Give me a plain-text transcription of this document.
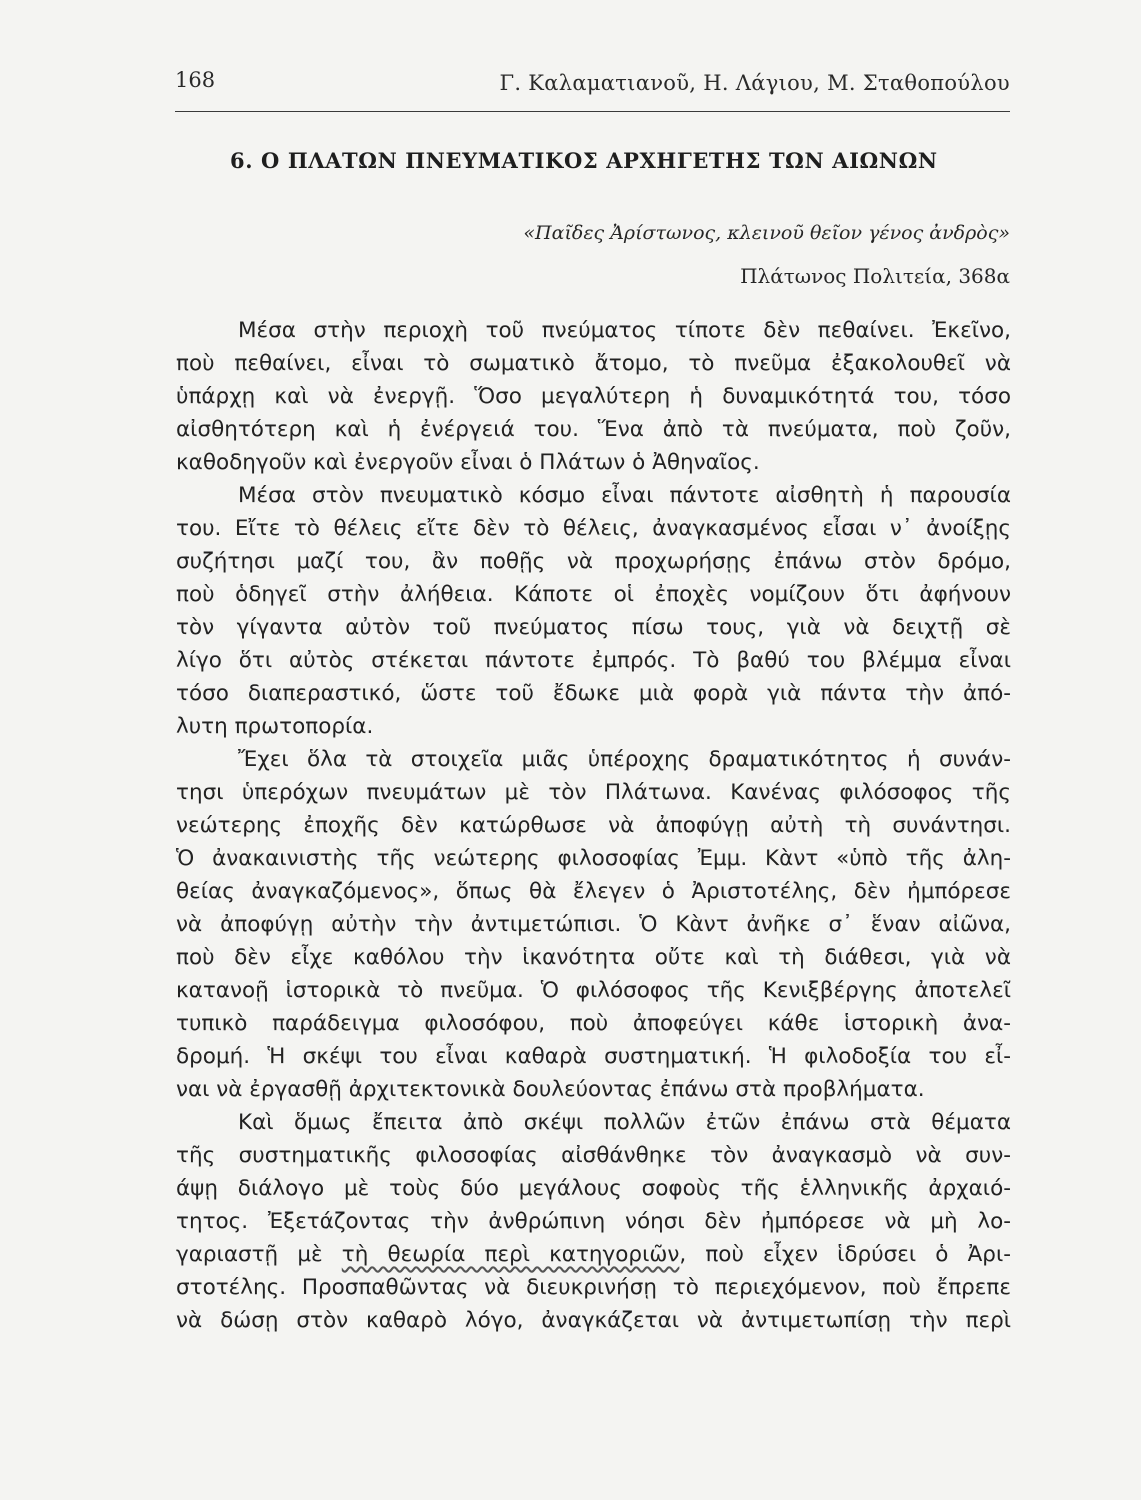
168	Γ. Καλαματιανοῦ, Η. Λάγιου, Μ. Σταθοπούλου
6. Ο ΠΛΑΤΩΝ ΠΝΕΥΜΑΤΙΚΟΣ ΑΡΧΗΓΕΤΗΣ ΤΩΝ ΑΙΩΝΩΝ
«Παῖδες Ἀρίστωνος, κλεινοῦ θεῖον γένος ἀνδρὸς»
Πλάτωνος Πολιτεία, 368α
Μέσα στὴν περιοχὴ τοῦ πνεύματος τίποτε δὲν πεθαίνει. Ἐκεῖνο,
ποὺ πεθαίνει, εἶναι τὸ σωματικὸ ἄτομο, τὸ πνεῦμα ἐξακολουθεῖ νὰ
ὑπάρχῃ καὶ νὰ ἐνεργῇ. Ὅσο μεγαλύτερη ἡ δυναμικότητά του, τόσο
αἰσθητότερη καὶ ἡ ἐνέργειά του. Ἕνα ἀπὸ τὰ πνεύματα, ποὺ ζοῦν,
καθοδηγοῦν καὶ ἐνεργοῦν εἶναι ὁ Πλάτων ὁ Ἀθηναῖος.
Μέσα στὸν πνευματικὸ κόσμο εἶναι πάντοτε αἰσθητὴ ἡ παρουσία
του. Εἴτε τὸ θέλεις εἴτε δὲν τὸ θέλεις, ἀναγκασμένος εἶσαι ν᾽ ἀνοίξῃς
συζήτησι μαζί του, ἂν ποθῇς νὰ προχωρήσῃς ἐπάνω στὸν δρόμο,
ποὺ ὁδηγεῖ στὴν ἀλήθεια. Κάποτε οἱ ἐποχὲς νομίζουν ὅτι ἀφήνουν
τὸν γίγαντα αὐτὸν τοῦ πνεύματος πίσω τους, γιὰ νὰ δειχτῇ σὲ
λίγο ὅτι αὐτὸς στέκεται πάντοτε ἐμπρός. Τὸ βαθύ του βλέμμα εἶναι
τόσο διαπεραστικό, ὥστε τοῦ ἔδωκε μιὰ φορὰ γιὰ πάντα τὴν ἀπό-
λυτη πρωτοπορία.
Ἔχει ὅλα τὰ στοιχεῖα μιᾶς ὑπέροχης δραματικότητος ἡ συνάν-
τησι ὑπερόχων πνευμάτων μὲ τὸν Πλάτωνα. Κανένας φιλόσοφος τῆς
νεώτερης ἐποχῆς δὲν κατώρθωσε νὰ ἀποφύγῃ αὐτὴ τὴ συνάντησι.
Ὁ ἀνακαινιστὴς τῆς νεώτερης φιλοσοφίας Ἐμμ. Κὰντ «ὑπὸ τῆς ἀλη-
θείας ἀναγκαζόμενος», ὅπως θὰ ἔλεγεν ὁ Ἀριστοτέλης, δὲν ἠμπόρεσε
νὰ ἀποφύγῃ αὐτὴν τὴν ἀντιμετώπισι. Ὁ Κὰντ ἀνῆκε σ᾽ ἕναν αἰῶνα,
ποὺ δὲν εἶχε καθόλου τὴν ἱκανότητα οὔτε καὶ τὴ διάθεσι, γιὰ νὰ
κατανοῇ ἱστορικὰ τὸ πνεῦμα. Ὁ φιλόσοφος τῆς Κενιξβέργης ἀποτελεῖ
τυπικὸ παράδειγμα φιλοσόφου, ποὺ ἀποφεύγει κάθε ἱστορικὴ ἀνα-
δρομή. Ἡ σκέψι του εἶναι καθαρὰ συστηματική. Ἡ φιλοδοξία του εἶ-
ναι νὰ ἐργασθῇ ἀρχιτεκτονικὰ δουλεύοντας ἐπάνω στὰ προβλήματα.
Καὶ ὅμως ἔπειτα ἀπὸ σκέψι πολλῶν ἐτῶν ἐπάνω στὰ θέματα
τῆς συστηματικῆς φιλοσοφίας αἰσθάνθηκε τὸν ἀναγκασμὸ νὰ συν-
άψῃ διάλογο μὲ τοὺς δύο μεγάλους σοφοὺς τῆς ἑλληνικῆς ἀρχαιό-
τητος. Ἐξετάζοντας τὴν ἀνθρώπινη νόησι δὲν ἠμπόρεσε νὰ μὴ λο-
γαριαστῇ μὲ τὴ θεωρία περὶ κατηγοριῶν, ποὺ εἶχεν ἱδρύσει ὁ Ἀρι-
στοτέλης. Προσπαθῶντας νὰ διευκρινήσῃ τὸ περιεχόμενον, ποὺ ἔπρεπε
νὰ δώσῃ στὸν καθαρὸ λόγο, ἀναγκάζεται νὰ ἀντιμετωπίσῃ τὴν περὶ
